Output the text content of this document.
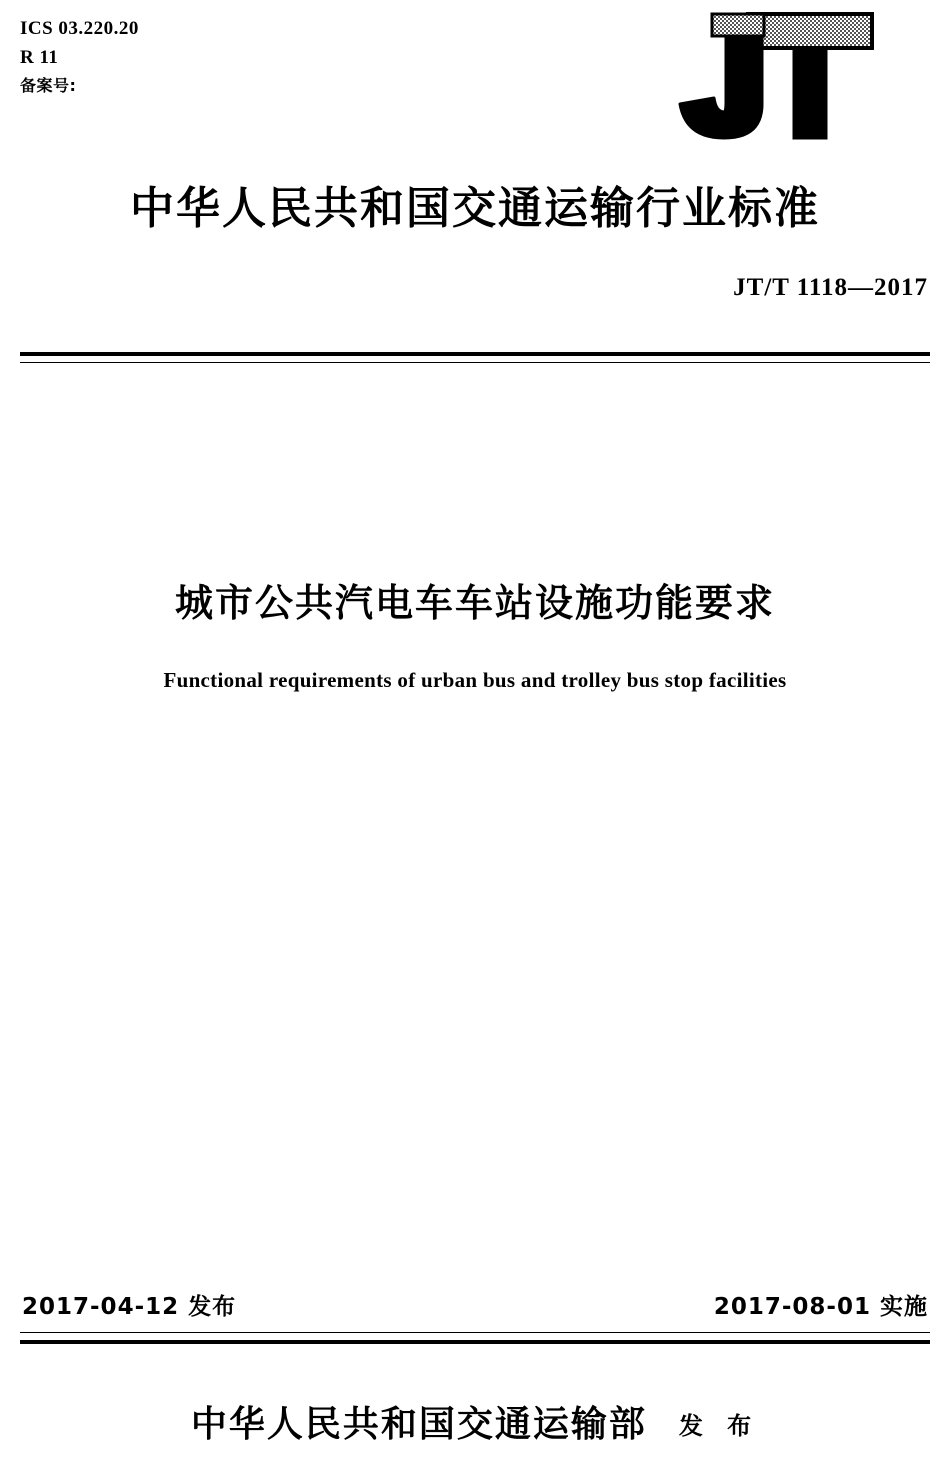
ICS 03.220.20
R 11
备案号:
中华人民共和国交通运输行业标准
JT/T 1118—2017
城市公共汽电车车站设施功能要求
Functional requirements of urban bus and trolley bus stop facilities
2017-04-12 发布	2017-08-01 实施
中华人民共和国交通运输部 发 布
